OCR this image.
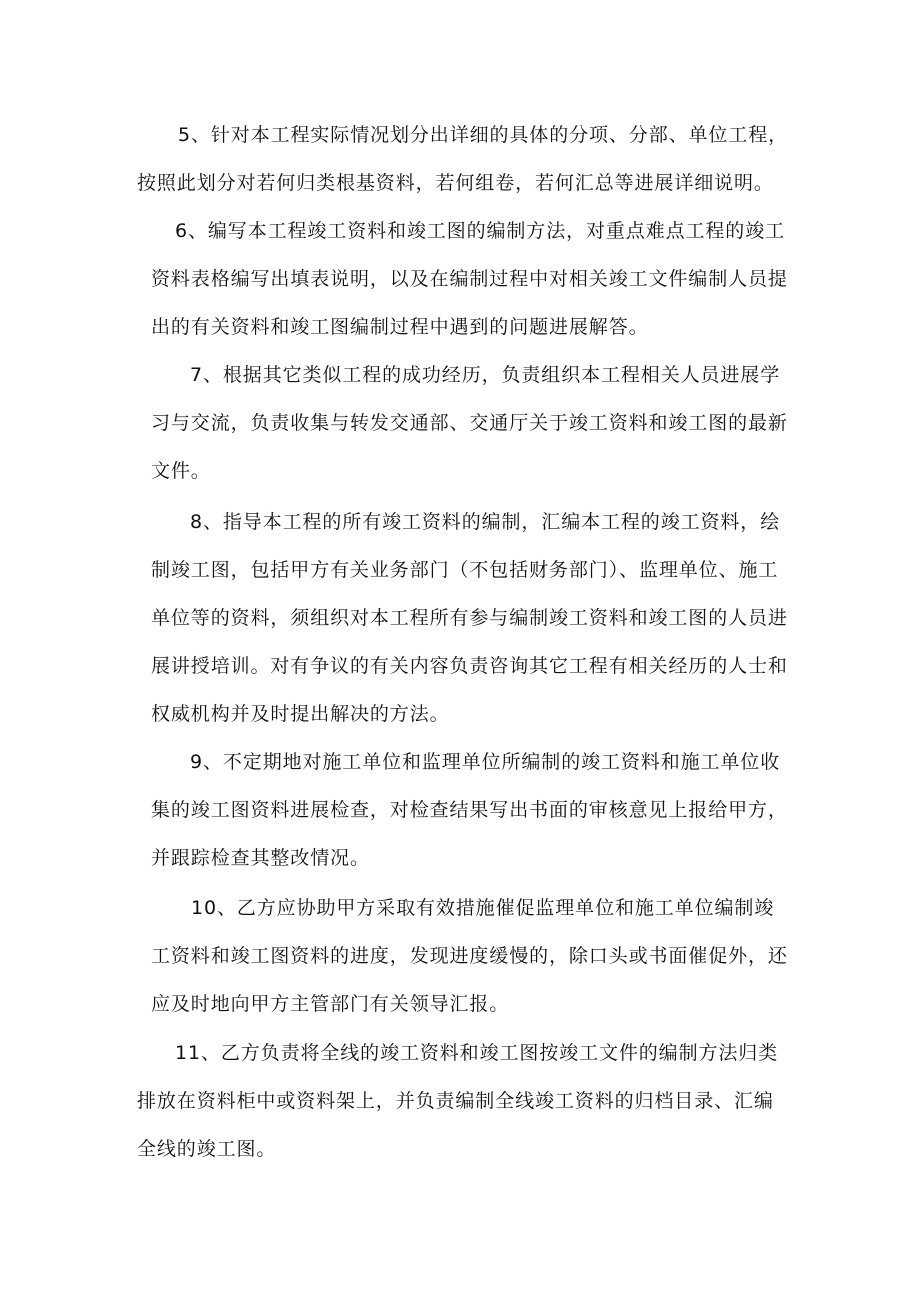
5、针对本工程实际情况划分出详细的具体的分项、分部、单位工程，
按照此划分对若何归类根基资料，若何组卷，若何汇总等进展详细说明。
6、编写本工程竣工资料和竣工图的编制方法，对重点难点工程的竣工
资料表格编写出填表说明，以及在编制过程中对相关竣工文件编制人员提
出的有关资料和竣工图编制过程中遇到的问题进展解答。
7、根据其它类似工程的成功经历，负责组织本工程相关人员进展学
习与交流，负责收集与转发交通部、交通厅关于竣工资料和竣工图的最新
文件。
8、指导本工程的所有竣工资料的编制，汇编本工程的竣工资料，绘
制竣工图，包括甲方有关业务部门（不包括财务部门）、监理单位、施工
单位等的资料，须组织对本工程所有参与编制竣工资料和竣工图的人员进
展讲授培训。对有争议的有关内容负责咨询其它工程有相关经历的人士和
权威机构并及时提出解决的方法。
9、不定期地对施工单位和监理单位所编制的竣工资料和施工单位收
集的竣工图资料进展检查，对检查结果写出书面的审核意见上报给甲方，
并跟踪检查其整改情况。
10、乙方应协助甲方采取有效措施催促监理单位和施工单位编制竣
工资料和竣工图资料的进度，发现进度缓慢的，除口头或书面催促外，还
应及时地向甲方主管部门有关领导汇报。
11、乙方负责将全线的竣工资料和竣工图按竣工文件的编制方法归类
排放在资料柜中或资料架上，并负责编制全线竣工资料的归档目录、汇编
全线的竣工图。
